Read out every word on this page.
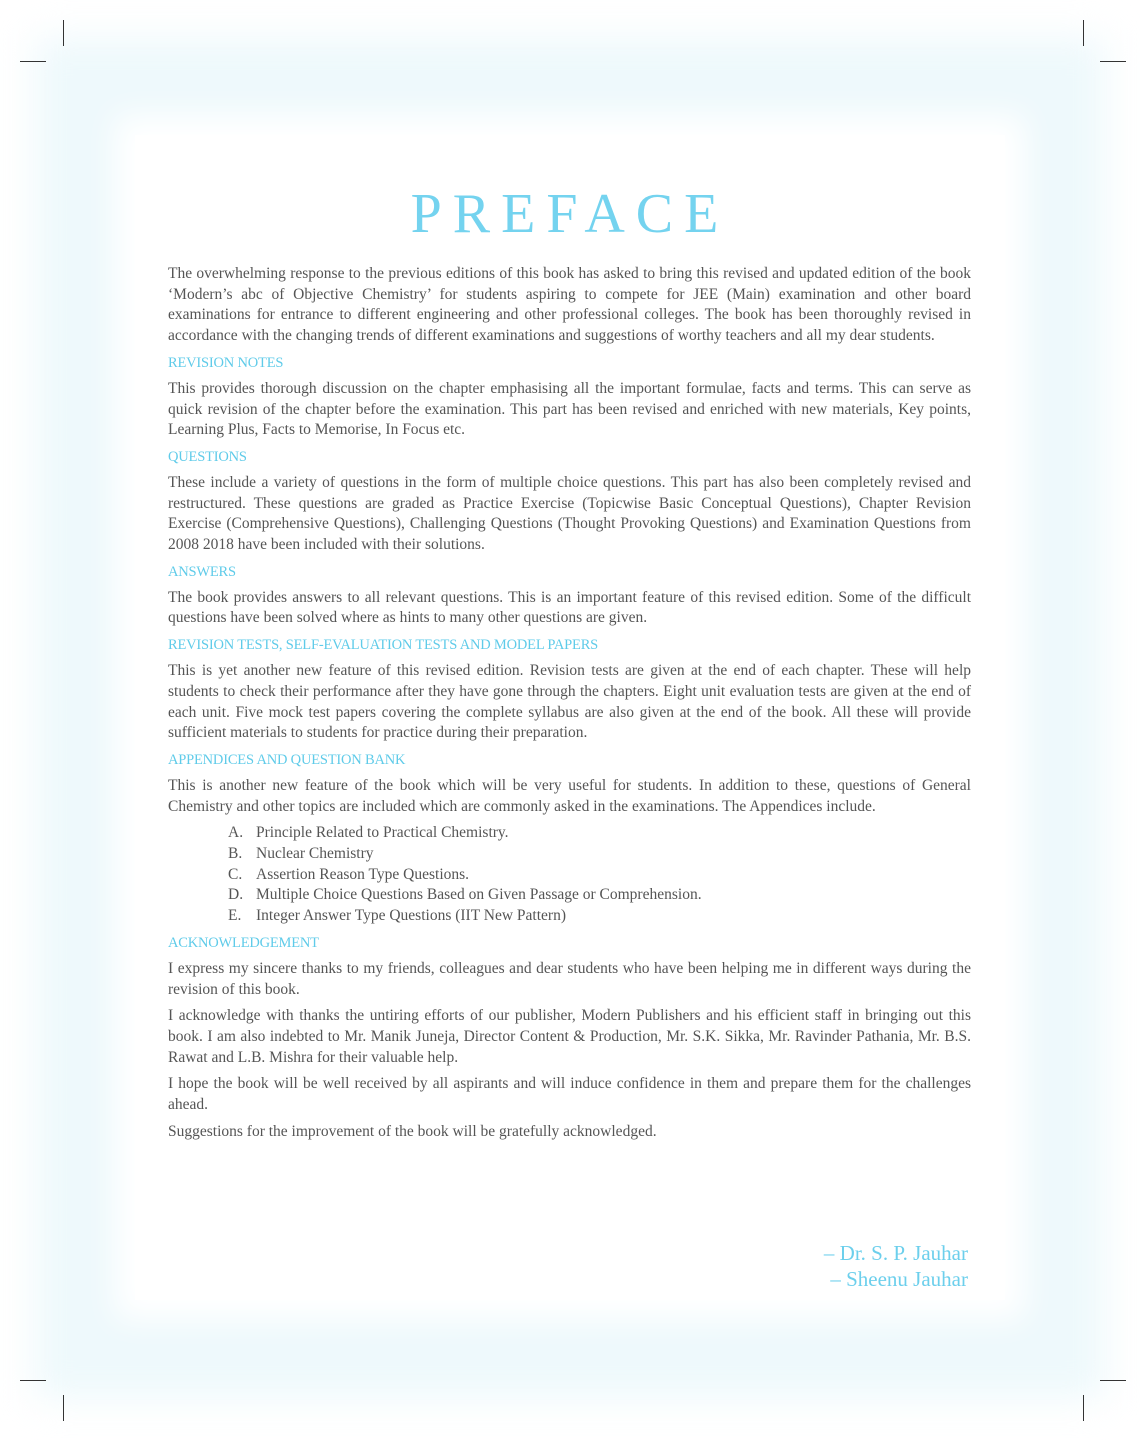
PREFACE

The overwhelming response to the previous editions of this book has asked to bring this revised and updated edition of the book ‘Modern’s abc of Objective Chemistry’ for students aspiring to compete for JEE (Main) examination and other board examinations for entrance to different engineering and other professional colleges. The book has been thoroughly revised in accordance with the changing trends of different examinations and suggestions of worthy teachers and all my dear students.

REVISION NOTES

This provides thorough discussion on the chapter emphasising all the important formulae, facts and terms. This can serve as quick revision of the chapter before the examination. This part has been revised and enriched with new materials, Key points, Learning Plus, Facts to Memorise, In Focus etc.

QUESTIONS

These include a variety of questions in the form of multiple choice questions. This part has also been completely revised and restructured. These questions are graded as Practice Exercise (Topicwise Basic Conceptual Questions), Chapter Revision Exercise (Comprehensive Questions), Challenging Questions (Thought Provoking Questions) and Examination Questions from 2008 2018 have been included with their solutions.

ANSWERS

The book provides answers to all relevant questions. This is an important feature of this revised edition. Some of the difficult questions have been solved where as hints to many other questions are given.

REVISION TESTS, SELF-EVALUATION TESTS AND MODEL PAPERS

This is yet another new feature of this revised edition. Revision tests are given at the end of each chapter. These will help students to check their performance after they have gone through the chapters. Eight unit evaluation tests are given at the end of each unit. Five mock test papers covering the complete syllabus are also given at the end of the book. All these will provide sufficient materials to students for practice during their preparation.

APPENDICES AND QUESTION BANK

This is another new feature of the book which will be very useful for students. In addition to these, questions of General Chemistry and other topics are included which are commonly asked in the examinations. The Appendices include.

A. Principle Related to Practical Chemistry.
B. Nuclear Chemistry
C. Assertion Reason Type Questions.
D. Multiple Choice Questions Based on Given Passage or Comprehension.
E. Integer Answer Type Questions (IIT New Pattern)
ACKNOWLEDGEMENT

I express my sincere thanks to my friends, colleagues and dear students who have been helping me in different ways during the revision of this book.

I acknowledge with thanks the untiring efforts of our publisher, Modern Publishers and his efficient staff in bringing out this book. I am also indebted to Mr. Manik Juneja, Director Content & Production, Mr. S.K. Sikka, Mr. Ravinder Pathania, Mr. B.S. Rawat and L.B. Mishra for their valuable help.

I hope the book will be well received by all aspirants and will induce confidence in them and prepare them for the challenges ahead.

Suggestions for the improvement of the book will be gratefully acknowledged.

– Dr. S. P. Jauhar
– Sheenu Jauhar
